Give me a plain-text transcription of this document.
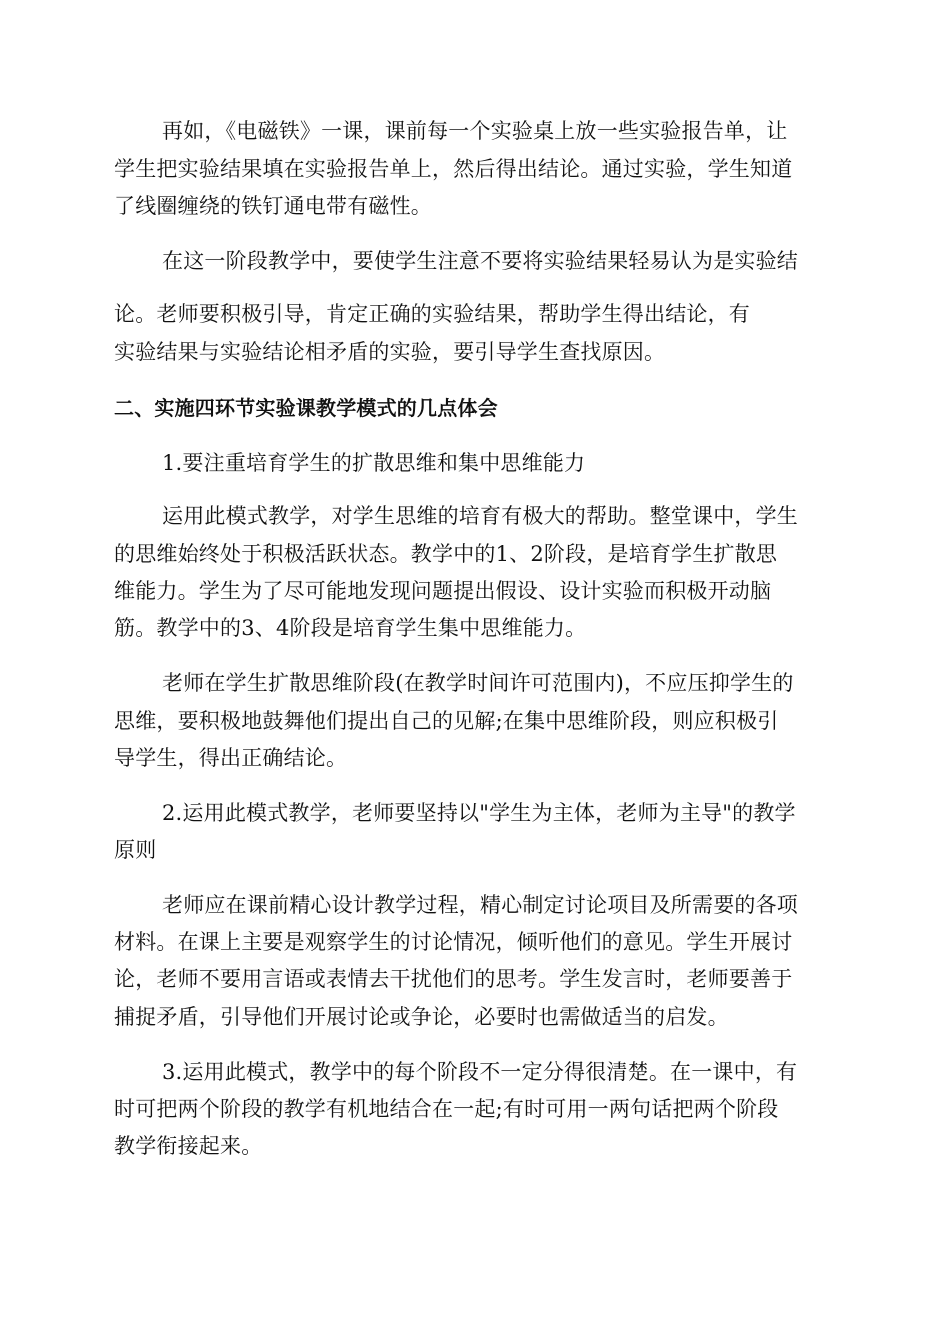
再如，《电磁铁》一课，课前每一个实验桌上放一些实验报告单，让
学生把实验结果填在实验报告单上，然后得出结论。通过实验，学生知道
了线圈缠绕的铁钉通电带有磁性。
在这一阶段教学中，要使学生注意不要将实验结果轻易认为是实验结
论。老师要积极引导，肯定正确的实验结果，帮助学生得出结论，有
实验结果与实验结论相矛盾的实验，要引导学生查找原因。
二、实施四环节实验课教学模式的几点体会
1.要注重培育学生的扩散思维和集中思维能力
运用此模式教学，对学生思维的培育有极大的帮助。整堂课中，学生
的思维始终处于积极活跃状态。教学中的1、2阶段，是培育学生扩散思
维能力。学生为了尽可能地发现问题提出假设、设计实验而积极开动脑
筋。教学中的3、4阶段是培育学生集中思维能力。
老师在学生扩散思维阶段(在教学时间许可范围内)，不应压抑学生的
思维，要积极地鼓舞他们提出自己的见解;在集中思维阶段，则应积极引
导学生，得出正确结论。
2.运用此模式教学，老师要坚持以"学生为主体，老师为主导"的教学
原则
老师应在课前精心设计教学过程，精心制定讨论项目及所需要的各项
材料。在课上主要是观察学生的讨论情况，倾听他们的意见。学生开展讨
论，老师不要用言语或表情去干扰他们的思考。学生发言时，老师要善于
捕捉矛盾，引导他们开展讨论或争论，必要时也需做适当的启发。
3.运用此模式，教学中的每个阶段不一定分得很清楚。在一课中，有
时可把两个阶段的教学有机地结合在一起;有时可用一两句话把两个阶段
教学衔接起来。
